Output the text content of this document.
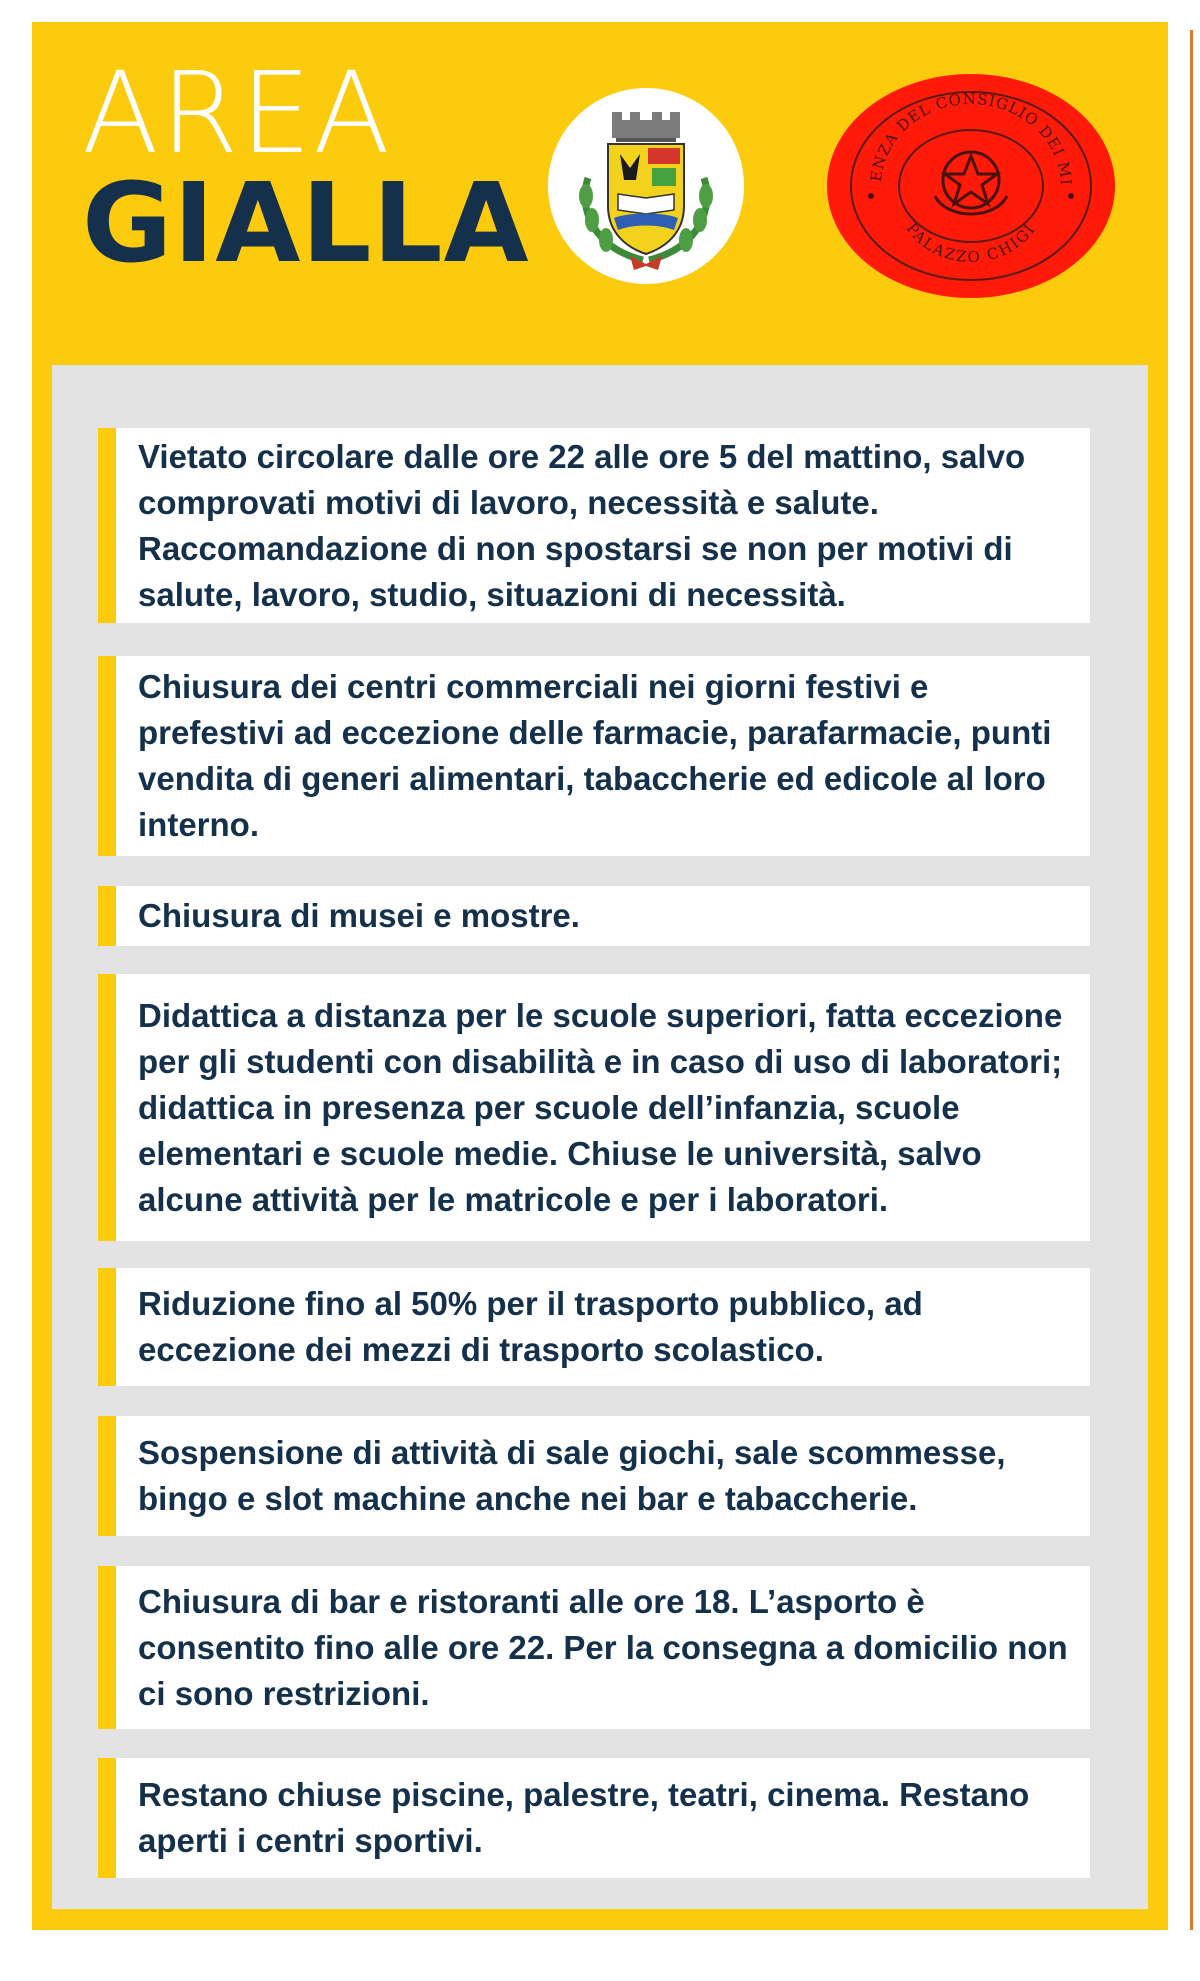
AREA
GIALLA	ENZA DEL CONSIGLIO DEI MI
PALAZZO CHIGI
Vietato circolare dalle ore 22 alle ore 5 del mattino, salvo comprovati motivi di lavoro, necessità e salute. Raccomandazione di non spostarsi se non per motivi di salute, lavoro, studio, situazioni di necessità.
Chiusura dei centri commerciali nei giorni festivi e prefestivi ad eccezione delle farmacie, parafarmacie, punti vendita di generi alimentari, tabaccherie ed edicole al loro interno.
Chiusura di musei e mostre.
Didattica a distanza per le scuole superiori, fatta eccezione per gli studenti con disabilità e in caso di uso di laboratori; didattica in presenza per scuole dell’infanzia, scuole elementari e scuole medie. Chiuse le università, salvo alcune attività per le matricole e per i laboratori.
Riduzione fino al 50% per il trasporto pubblico, ad eccezione dei mezzi di trasporto scolastico.
Sospensione di attività di sale giochi, sale scommesse, bingo e slot machine anche nei bar e tabaccherie.
Chiusura di bar e ristoranti alle ore 18. L’asporto è consentito fino alle ore 22. Per la consegna a domicilio non ci sono restrizioni.
Restano chiuse piscine, palestre, teatri, cinema. Restano aperti i centri sportivi.
